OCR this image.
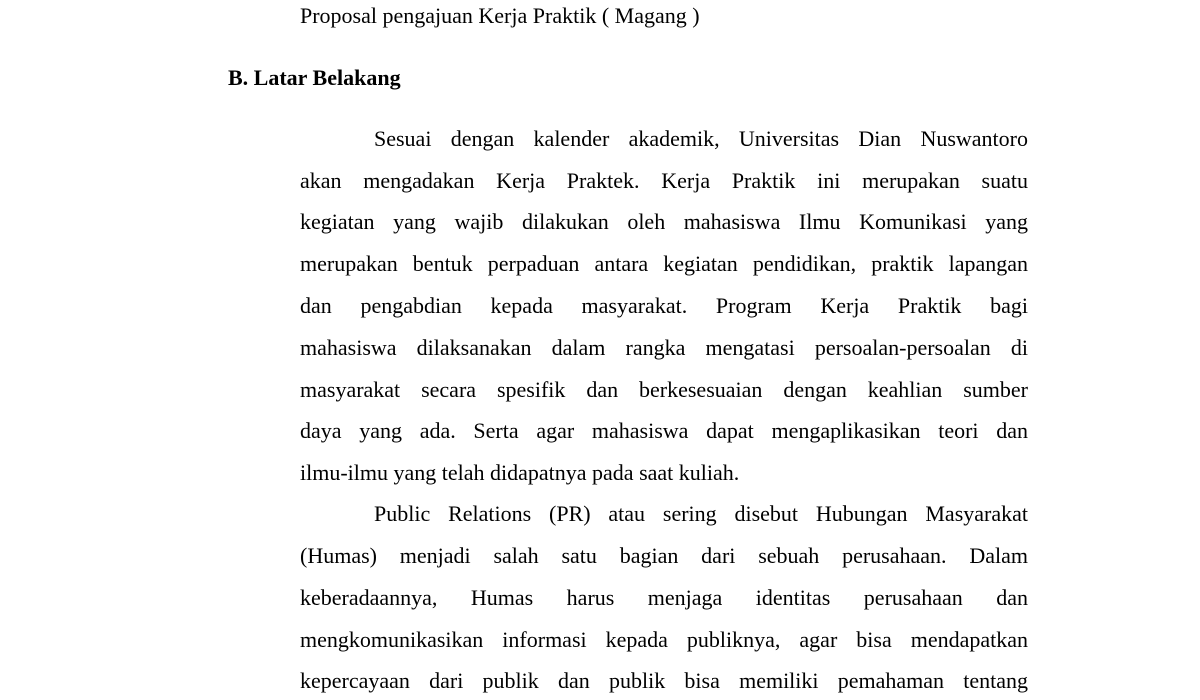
Proposal pengajuan Kerja Praktik ( Magang )
B. Latar Belakang
Sesuai dengan kalender akademik, Universitas Dian Nuswantoro
akan mengadakan Kerja Praktek. Kerja Praktik ini merupakan suatu
kegiatan yang wajib dilakukan oleh mahasiswa Ilmu Komunikasi yang
merupakan bentuk perpaduan antara kegiatan pendidikan, praktik lapangan
dan pengabdian kepada masyarakat. Program Kerja Praktik bagi
mahasiswa dilaksanakan dalam rangka mengatasi persoalan-persoalan di
masyarakat secara spesifik dan berkesesuaian dengan keahlian sumber
daya yang ada. Serta agar mahasiswa dapat mengaplikasikan teori dan
ilmu-ilmu yang telah didapatnya pada saat kuliah.
Public Relations (PR) atau sering disebut Hubungan Masyarakat
(Humas) menjadi salah satu bagian dari sebuah perusahaan. Dalam
keberadaannya, Humas harus menjaga identitas perusahaan dan
mengkomunikasikan informasi kepada publiknya, agar bisa mendapatkan
kepercayaan dari publik dan publik bisa memiliki pemahaman tentang
